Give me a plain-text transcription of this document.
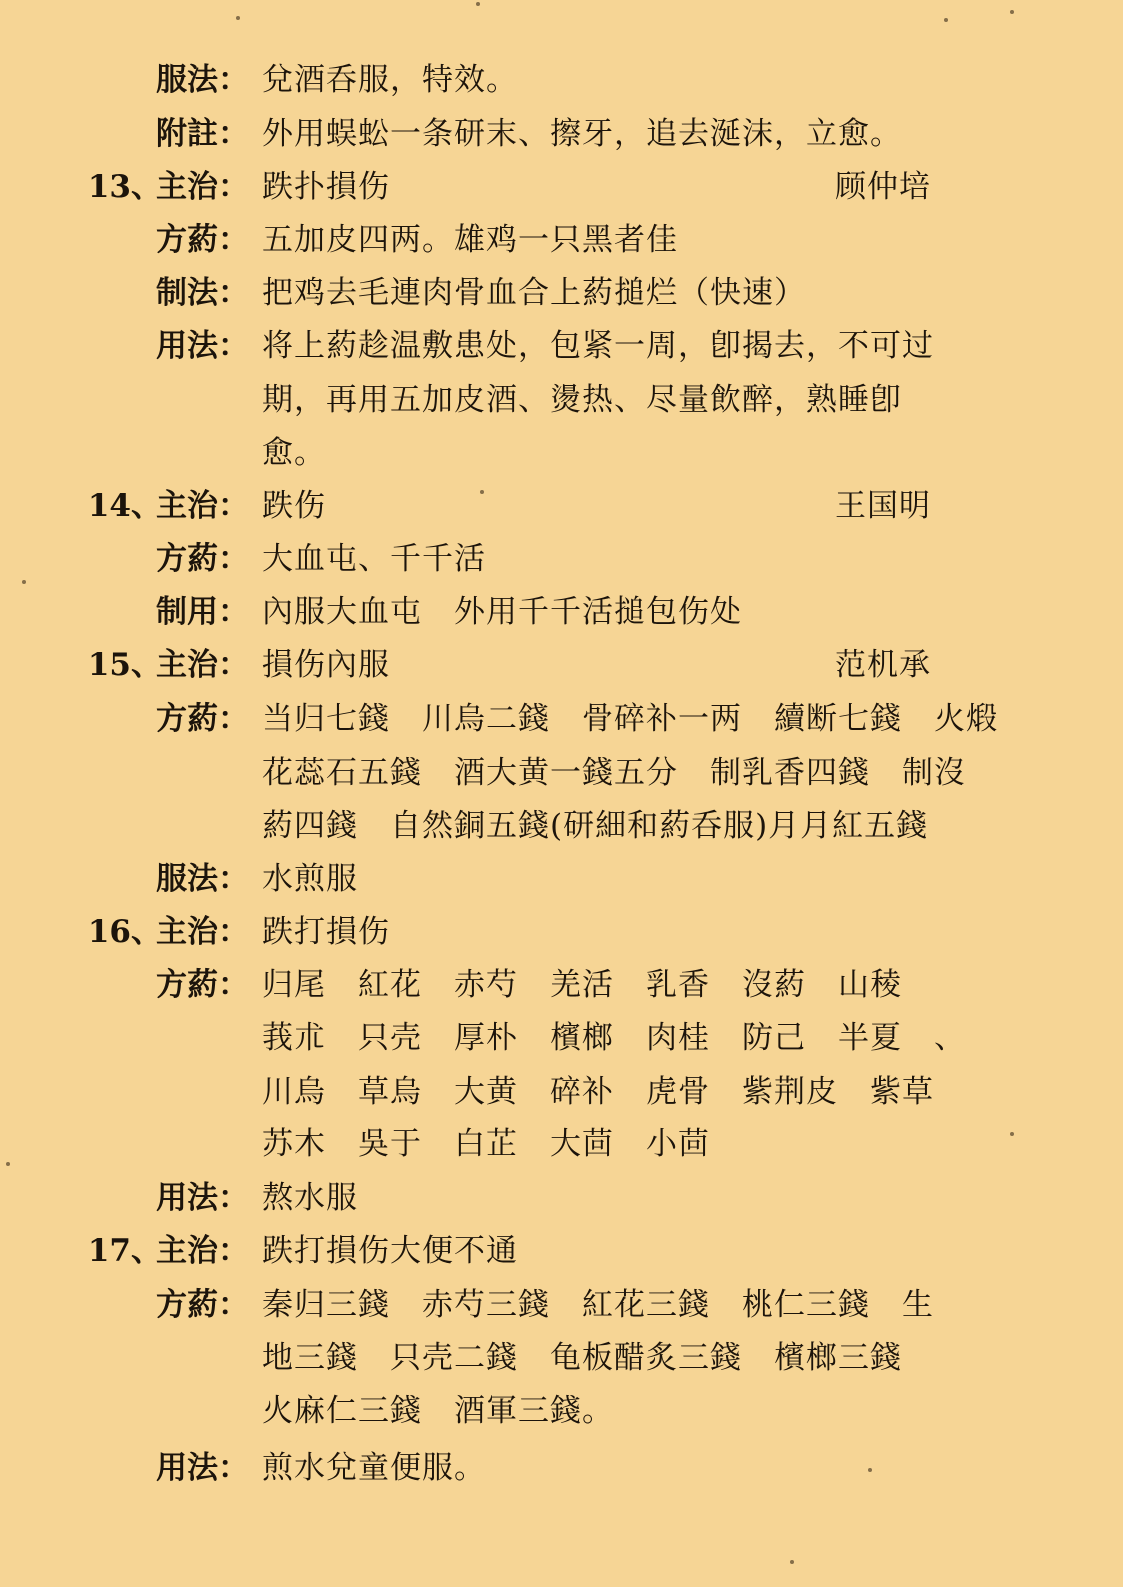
服法： 兌酒呑服，特效。
附註： 外用蜈蚣一条研末、擦牙，追去涎沫，立愈。
13、
主治： 跌扑損伤	顾仲培
方葯： 五加皮四两。雄鸡一只黑者佳
制法： 把鸡去毛連肉骨血合上葯搥烂（快速）
用法： 将上葯趁温敷患处，包紧一周，卽揭去，不可过
期，再用五加皮酒、燙热、尽量飲醉，熟睡卽
愈。
14、
主治： 跌伤	王国明
方葯： 大血屯、千千活
制用： 內服大血屯　外用千千活搥包伤处
15、
主治： 損伤內服	范机承
方葯： 当归七錢　川烏二錢　骨碎补一两　續断七錢　火煅
花蕊石五錢　酒大黄一錢五分　制乳香四錢　制沒
葯四錢　自然銅五錢(研細和葯呑服)月月紅五錢
服法： 水煎服
16、
主治： 跌打損伤
方葯： 归尾　紅花　赤芍　羌活　乳香　沒葯　山稜
莪朮　只壳　厚朴　檳榔　肉桂　防己　半夏　、
川烏　草烏　大黄　碎补　虎骨　紫荆皮　紫草
苏木　吳于　白芷　大茴　小茴
用法： 熬水服
17、
主治： 跌打損伤大便不通
方葯： 秦归三錢　赤芍三錢　紅花三錢　桃仁三錢　生
地三錢　只壳二錢　龟板醋炙三錢　檳榔三錢
火麻仁三錢　酒軍三錢。
用法： 煎水兌童便服。
